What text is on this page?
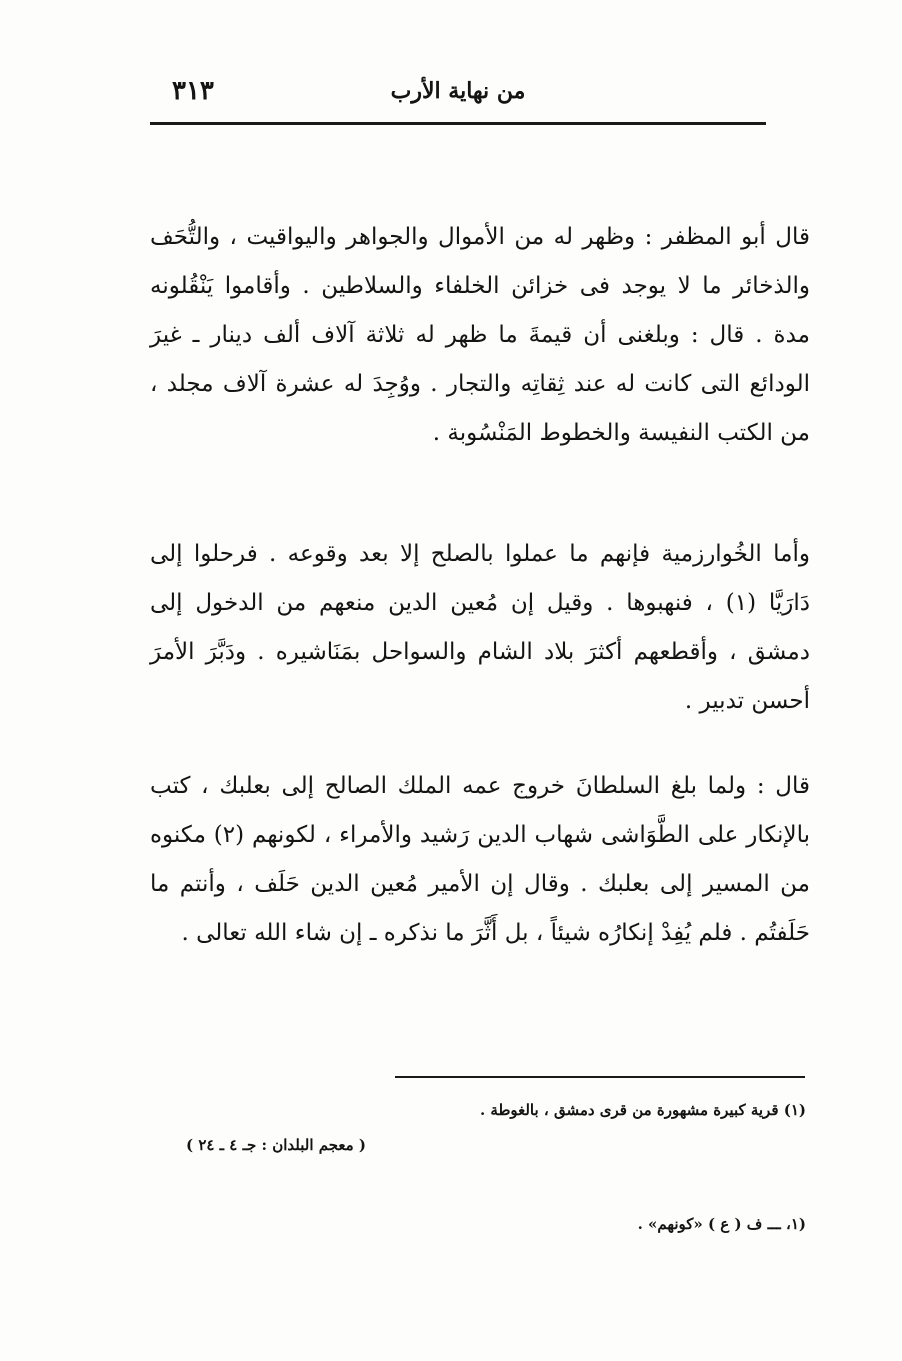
من نهاية الأرب
٣١٣

قال أبو المظفر : وظهر له من الأموال والجواهر واليواقيت ، والتُّحَف والذخائر ما لا يوجد فى خزائن الخلفاء والسلاطين . وأقاموا يَنْقُلونه مدة . قال : وبلغنى أن قيمةَ ما ظهر له ثلاثة آلاف ألف دينار ـ غيرَ الودائع التى كانت له عند ثِقاتِه والتجار . ووُجِدَ له عشرة آلاف مجلد ، من الكتب النفيسة والخطوط المَنْسُوبة .

وأما الخُوارزمية فإنهم ما عملوا بالصلح إلا بعد وقوعه . فرحلوا إلى دَارَيَّا (١) ، فنهبوها . وقيل إن مُعين الدين منعهم من الدخول إلى دمشق ، وأقطعهم أكثرَ بلاد الشام والسواحل بمَنَاشيره . ودَبَّرَ الأمرَ أحسن تدبير .

قال : ولما بلغ السلطانَ خروج عمه الملك الصالح إلى بعلبك ، كتب بالإنكار على الطَّوَاشى شهاب الدين رَشيد والأمراء ، لكونهم (٢) مكنوه من المسير إلى بعلبك . وقال إن الأمير مُعين الدين حَلَف ، وأنتم ما حَلَفتُم . فلم يُفِدْ إنكارُه شيئاً ، بل أَثَّرَ ما نذكره ـ إن شاء الله تعالى .

(١) قرية كبيرة مشهورة من قرى دمشق ، بالغوطة .
( معجم البلدان : جـ ٤ ـ ٢٤ )
(١، ـــ ف ( ع ) «كونهم» .
